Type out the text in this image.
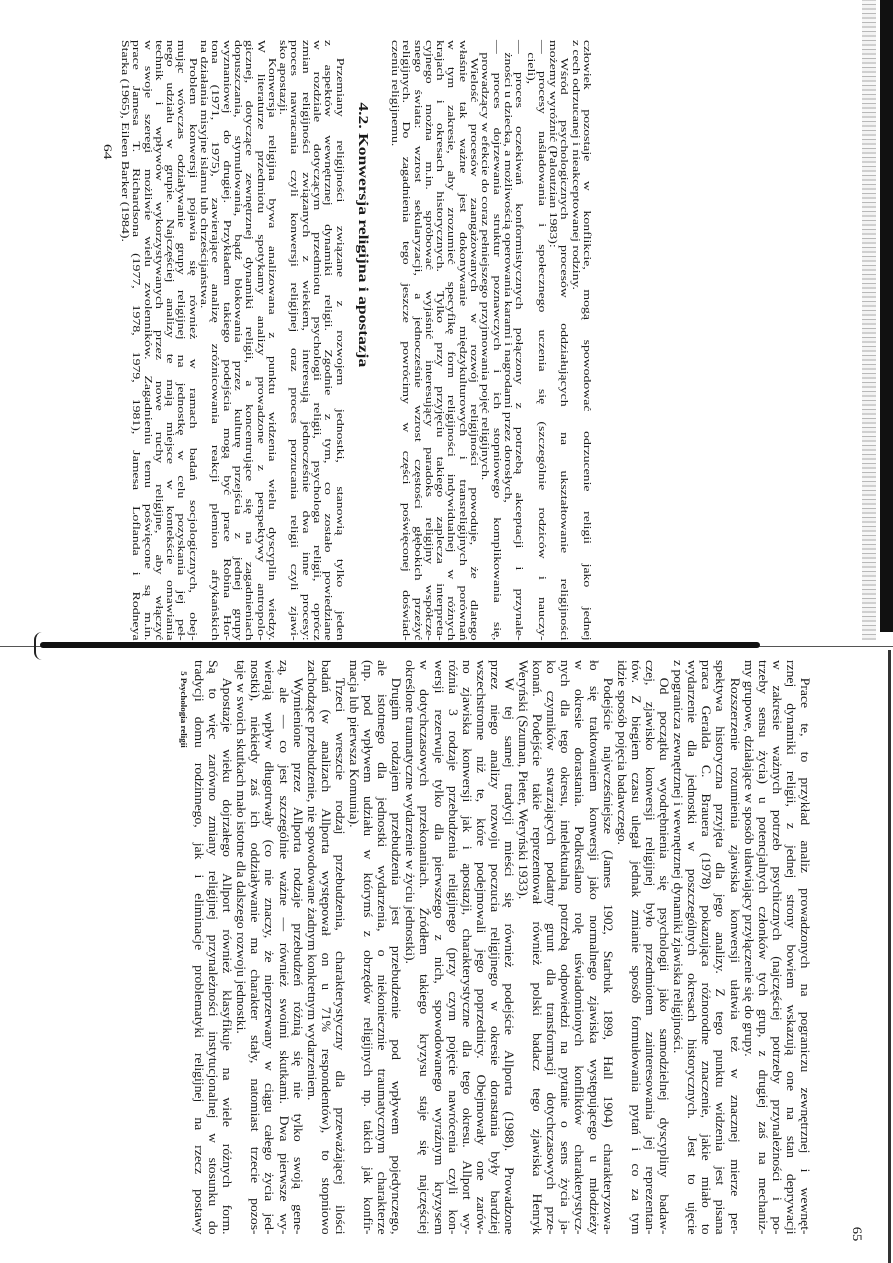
człowiek pozostaje w konflikcie, mogą spowodować odrzucenie religii jako jednej
z cech odrzucanej i nieakceptowanej rodziny.
Wśród psychologicznych procesów oddziałujących na ukształtowanie religijności
możemy wyróżnić (Paloutzian 1983):
— procesy naśladowania i społecznego uczenia się (szczególnie rodziców i nauczy-
cieli),
— proces oczekiwań konformistycznych połączony z potrzebą akceptacji i przynale-
żności u dziecka, a możliwością operowania karami i nagrodami przez dorosłych,
— proces dojrzewania struktur poznawczych i ich stopniowego komplikowania się,
prowadzący w efekcie do coraz pełniejszego przyjmowania pojęć religijnych.
Wielość procesów zaangażowanych w rozwój religijności powoduje, że dlatego
właśnie tak ważne jest dokonywanie międzykulturowych i transreligijnych porównań
w tym zakresie, aby zrozumieć specyfikę form religijności indywidualnej w różnych
krajach i okresach historycznych. Tylko przy przyjęciu takiego zaplecza interpreta-
cyjnego można m.in. spróbować wyjaśnić interesujący paradoks religijny współcze-
snego świata: wzrost sekularyzacji, a jednocześnie wzrost częstości głębokich przeżyć
religijnych. Do zagadnienia tego jeszcze powrócimy w części poświęconej doświad-
czeniu religijnemu.
4.2. Konwersja religijna i apostazja
Przemiany religijności związane z rozwojem jednostki, stanowią tylko jeden
z aspektów wewnętrznej dynamiki religii. Zgodnie z tym, co zostało powiedziane
w rozdziale dotyczącym przedmiotu psychologii religii, psychologa religii, oprócz
zmian religijności związanych z wiekiem, interesują jednocześnie dwa inne procesy:
proces nawracania czyli konwersji religijnej oraz proces porzucania religii czyli zjawi-
sko apostazji.
Konwersja religijna bywa analizowana z punktu widzenia wielu dyscyplin wiedzy.
W literaturze przedmiotu spotykamy analizy prowadzone z perspektywy antropolo-
gicznej, dotyczące zewnętrznej dynamiki religii, a koncentrujące się na zagadnieniach
dopuszczania, stymulowania, bądź blokowania przez kulturę przejścia z jednej grupy
wyznaniowej do drugiej. Przykładem takiego podejścia mogą być prace Robina Hor-
tona (1971, 1975), zawierające analizę zróżnicowania reakcji plemion afrykańskich
na działania misyjne islamu lub chrześcijaństwa.
Problem konwersji pojawia się również w ramach badań socjologicznych, obej-
mując wówczas odziaływanie grupy religijnej na jednostkę w celu pozyskania jej peł-
nego udziału w grupie. Najczęściej analizy te mają miejsce w kontekście omawiania
technik i wpływów wykorzystywanych przez nowe ruchy religijne, aby włączyć
w swoje szeregi możliwie wielu zwolenników. Zagadnieniu temu poświęcone są m.in.
prace Jamesa T. Richardsona (1977, 1978, 1979, 1981), Jamesa Loflanda i Rodneya
Starka (1965), Eileen Barker (1984).
64
65
Prace te, to przykład analiz prowadzonych na pograniczu zewnętrznej i wewnęt-
rznej dynamiki religii, z jednej strony bowiem wskazują one na stan deprywacji
w zakresie ważnych potrzeb psychicznych (najczęściej potrzeby przynależności i po-
trzeby sensu życia) u potencjalnych członków tych grup, z drugiej zaś na mechaniz-
my grupowe, działające w sposób ułatwiający przyłączenie się do grupy.
Rozszerzenie rozumienia zjawiska konwersji ułatwia też w znacznej mierze per-
spektywa historyczna przyjęta dla jego analizy. Z tego punktu widzenia jest pisana
praca Geralda C. Brauera (1978) pokazująca różnorodne znaczenie, jakie miało to
wydarzenie dla jednostki w poszczególnych okresach historycznych. Jest to ujęcie
z pogranicza zewnętrznej i wewnętrznej dynamiki zjawiska religijności.
Od początku wyodrębnienia się psychologii jako samodzielnej dyscypliny badaw-
czej, zjawisko konwersji religijnej było przedmiotem zainteresowania jej reprezentan-
tów. Z biegiem czasu ulegał jednak zmianie sposób formułowania pytań i co za tym
idzie sposób pojęcia badawczego.
Podejście najwcześniejsze (James 1902, Starbuk 1899, Hall 1904) charakteryzowa-
ło się traktowaniem konwersji jako normalnego zjawiska występującego u młodzieży
w okresie dorastania. Podkreślano rolę uświadomionych konfliktów charakterystycz-
nych dla tego okresu, intelektualną potrzebą odpowiedzi na pytanie o sens życia ja-
ko czynników stwarzających podatny grunt dla transformacji dotychczasowych prze-
konań. Podejście takie reprezentował również polski badacz tego zjawiska Henryk
Weryński (Szuman, Pieter, Weryński 1933).
W tej samej tradycji mieści się również podejście Allporta (1988). Prowadzone
przez niego analizy rozwoju poczucia religijnego w okresie dorastania były bardziej
wszechstronne niż te, które podejmowali jego poprzednicy. Obejmowały one zarów-
no zjawiska konwersji jak i apostazji, charakterystyczne dla tego okresu. Allport wy-
różnia 3 rodzaje przebudzenia religijnego (przy czym pojęcie nawrócenia czyli kon-
wersji rezerwuje tylko dla pierwszego z nich, spowodowanego wyraźnym kryzysem
w dotychczasowych przekonaniach. Źródłem takiego kryzysu staje się najczęściej
określone traumatyczne wydarzenie w życiu jednostki).
Drugim rodzajem przebudzenia jest przebudzenie pod wpływem pojedynczego,
ale istotnego dla jednostki wydarzenia, o niekoniecznie traumatycznym charakterze
(np. pod wpływem udziału w którymś z obrzędów religijnych np. takich jak konfir-
macja lub pierwsza Komunia).
Trzeci wreszcie rodzaj przebudzenia, charakterystyczny dla przeważającej ilości
badań (w analizach Allporta występował on u 71% respondentów), to stopniowo
zachodzące przebudzenie, nie spowodowane żadnym konkretnym wydarzeniem.
Wymienione przez Allporta rodzaje przebudzeń różnią się nie tylko swoją gene-
zą, ale — co jest szczególnie ważne — również swoimi skutkami. Dwa pierwsze wy-
wierają wpływ długotrwały (co nie znaczy, że nieprzerwany w ciągu całego życia jed-
nostki), niekiedy zaś ich oddziaływanie ma charakter stały, natomiast trzecie pozos-
taje w swoich skutkach mało istotne dla dalszego rozwoju jednostki.
Apostazje wieku dojrzałego Allport również klasyfikuje na wiele różnych form.
Są to więc zarówno zmiany religijnej przynależności instytucjonalnej w stosunku do
tradycji domu rodzinnego, jak i eliminacje problematyki religijnej na rzecz postawy
5 Psychologia religii
